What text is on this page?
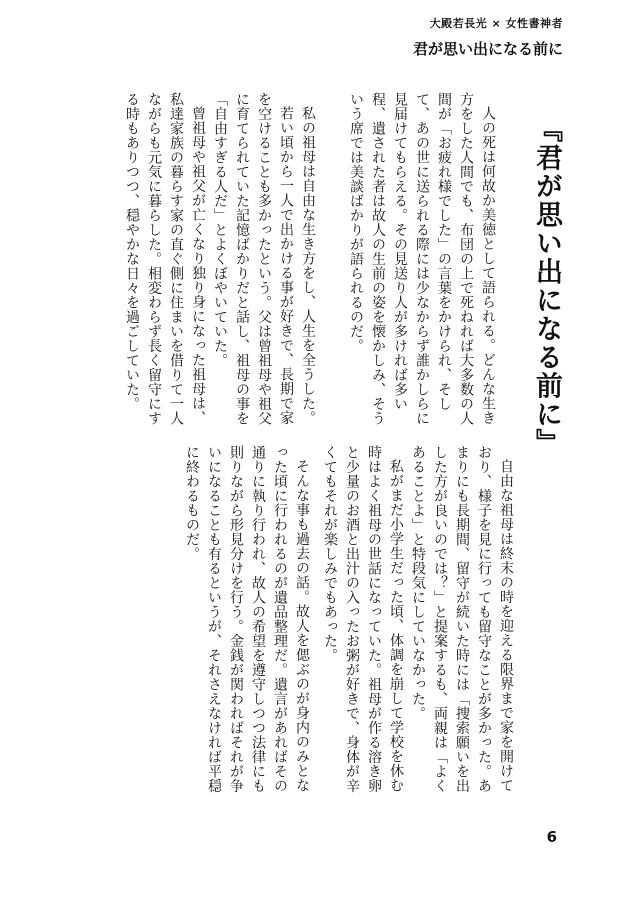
大殿若長光 × 女性書神者
君が思い出になる前に
『君が思い出になる前に』

人の死は何故か美徳として語られる。どんな生き方をした人間でも、布団の上で死ねれば大多数の人間が「お疲れ様でした」の言葉をかけられ、そして、あの世に送られる際には少なからず誰かしらに見届けてもらえる。その見送り人が多ければ多い程、遺された者は故人の生前の姿を懐かしみ、そういう席では美談ばかりが語られるのだ。

私の祖母は自由な生き方をし、人生を全うした。

若い頃から一人で出かける事が好きで、長期で家を空けることも多かったという。父は曾祖母や祖父に育てられていた記憶ばかりだと話し、祖母の事を「自由すぎる人だ」とよくぼやいていた。

曾祖母や祖父が亡くなり独り身になった祖母は、私達家族の暮らす家の直ぐ側に住まいを借りて一人ながらも元気に暮らした。相変わらず長く留守にする時もありつつ、穏やかな日々を過ごしていた。

自由な祖母は終末の時を迎える限界まで家を開けており、様子を見に行っても留守なことが多かった。あまりにも長期間、留守が続いた時には「捜索願いを出した方が良いのでは？」と提案するも、両親は「よくあることよ」と特段気にしていなかった。

私がまだ小学生だった頃、体調を崩して学校を休む時はよく祖母の世話になっていた。祖母が作る溶き卵と少量のお酒と出汁の入ったお粥が好きで、身体が辛くてもそれが楽しみでもあった。

そんな事も過去の話。故人を偲ぶのが身内のみとなった頃に行われるのが遺品整理だ。遺言があればその通りに執り行われ、故人の希望を遵守しつつ法律にも則りながら形見分けを行う。金銭が関わればそれが争いになることも有るというが、それさえなければ平穏に終わるものだ。

6
